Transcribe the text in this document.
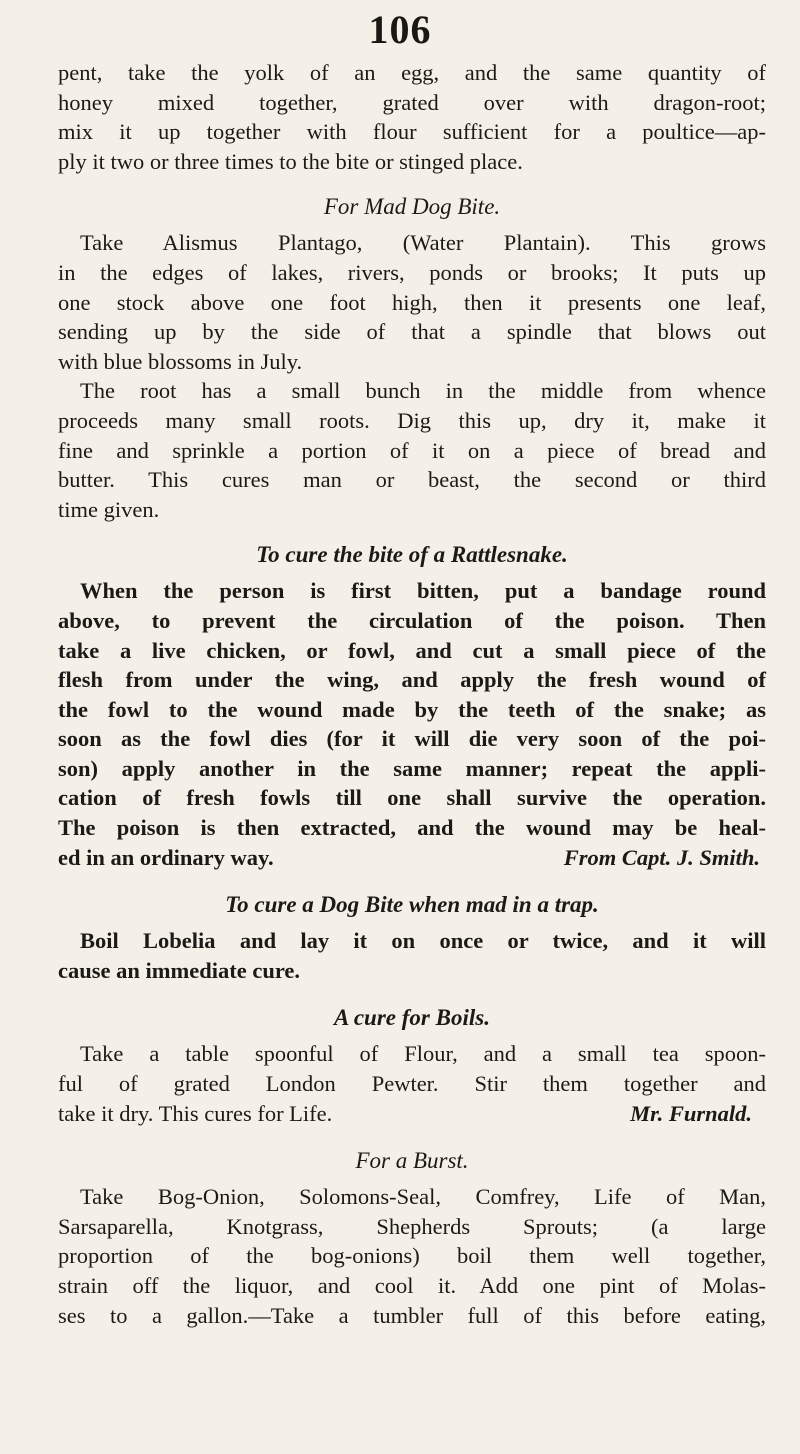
106
pent, take the yolk of an egg, and the same quantity of
honey mixed together, grated over with dragon-root;
mix it up together with flour sufficient for a poultice—ap-
ply it two or three times to the bite or stinged place.
For Mad Dog Bite.
Take Alismus Plantago, (Water Plantain). This grows
in the edges of lakes, rivers, ponds or brooks; It puts up
one stock above one foot high, then it presents one leaf,
sending up by the side of that a spindle that blows out
with blue blossoms in July.
The root has a small bunch in the middle from whence
proceeds many small roots. Dig this up, dry it, make it
fine and sprinkle a portion of it on a piece of bread and
butter. This cures man or beast, the second or third
time given.
To cure the bite of a Rattlesnake.
When the person is first bitten, put a bandage round
above, to prevent the circulation of the poison. Then
take a live chicken, or fowl, and cut a small piece of the
flesh from under the wing, and apply the fresh wound of
the fowl to the wound made by the teeth of the snake; as
soon as the fowl dies (for it will die very soon of the poi-
son) apply another in the same manner; repeat the appli-
cation of fresh fowls till one shall survive the operation.
The poison is then extracted, and the wound may be heal-
ed in an ordinary way.	From Capt. J. Smith.
To cure a Dog Bite when mad in a trap.
Boil Lobelia and lay it on once or twice, and it will
cause an immediate cure.
A cure for Boils.
Take a table spoonful of Flour, and a small tea spoon-
ful of grated London Pewter. Stir them together and
take it dry. This cures for Life.	Mr. Furnald.
For a Burst.
Take Bog-Onion, Solomons-Seal, Comfrey, Life of Man,
Sarsaparella, Knotgrass, Shepherds Sprouts; (a large
proportion of the bog-onions) boil them well together,
strain off the liquor, and cool it. Add one pint of Molas-
ses to a gallon.—Take a tumbler full of this before eating,
